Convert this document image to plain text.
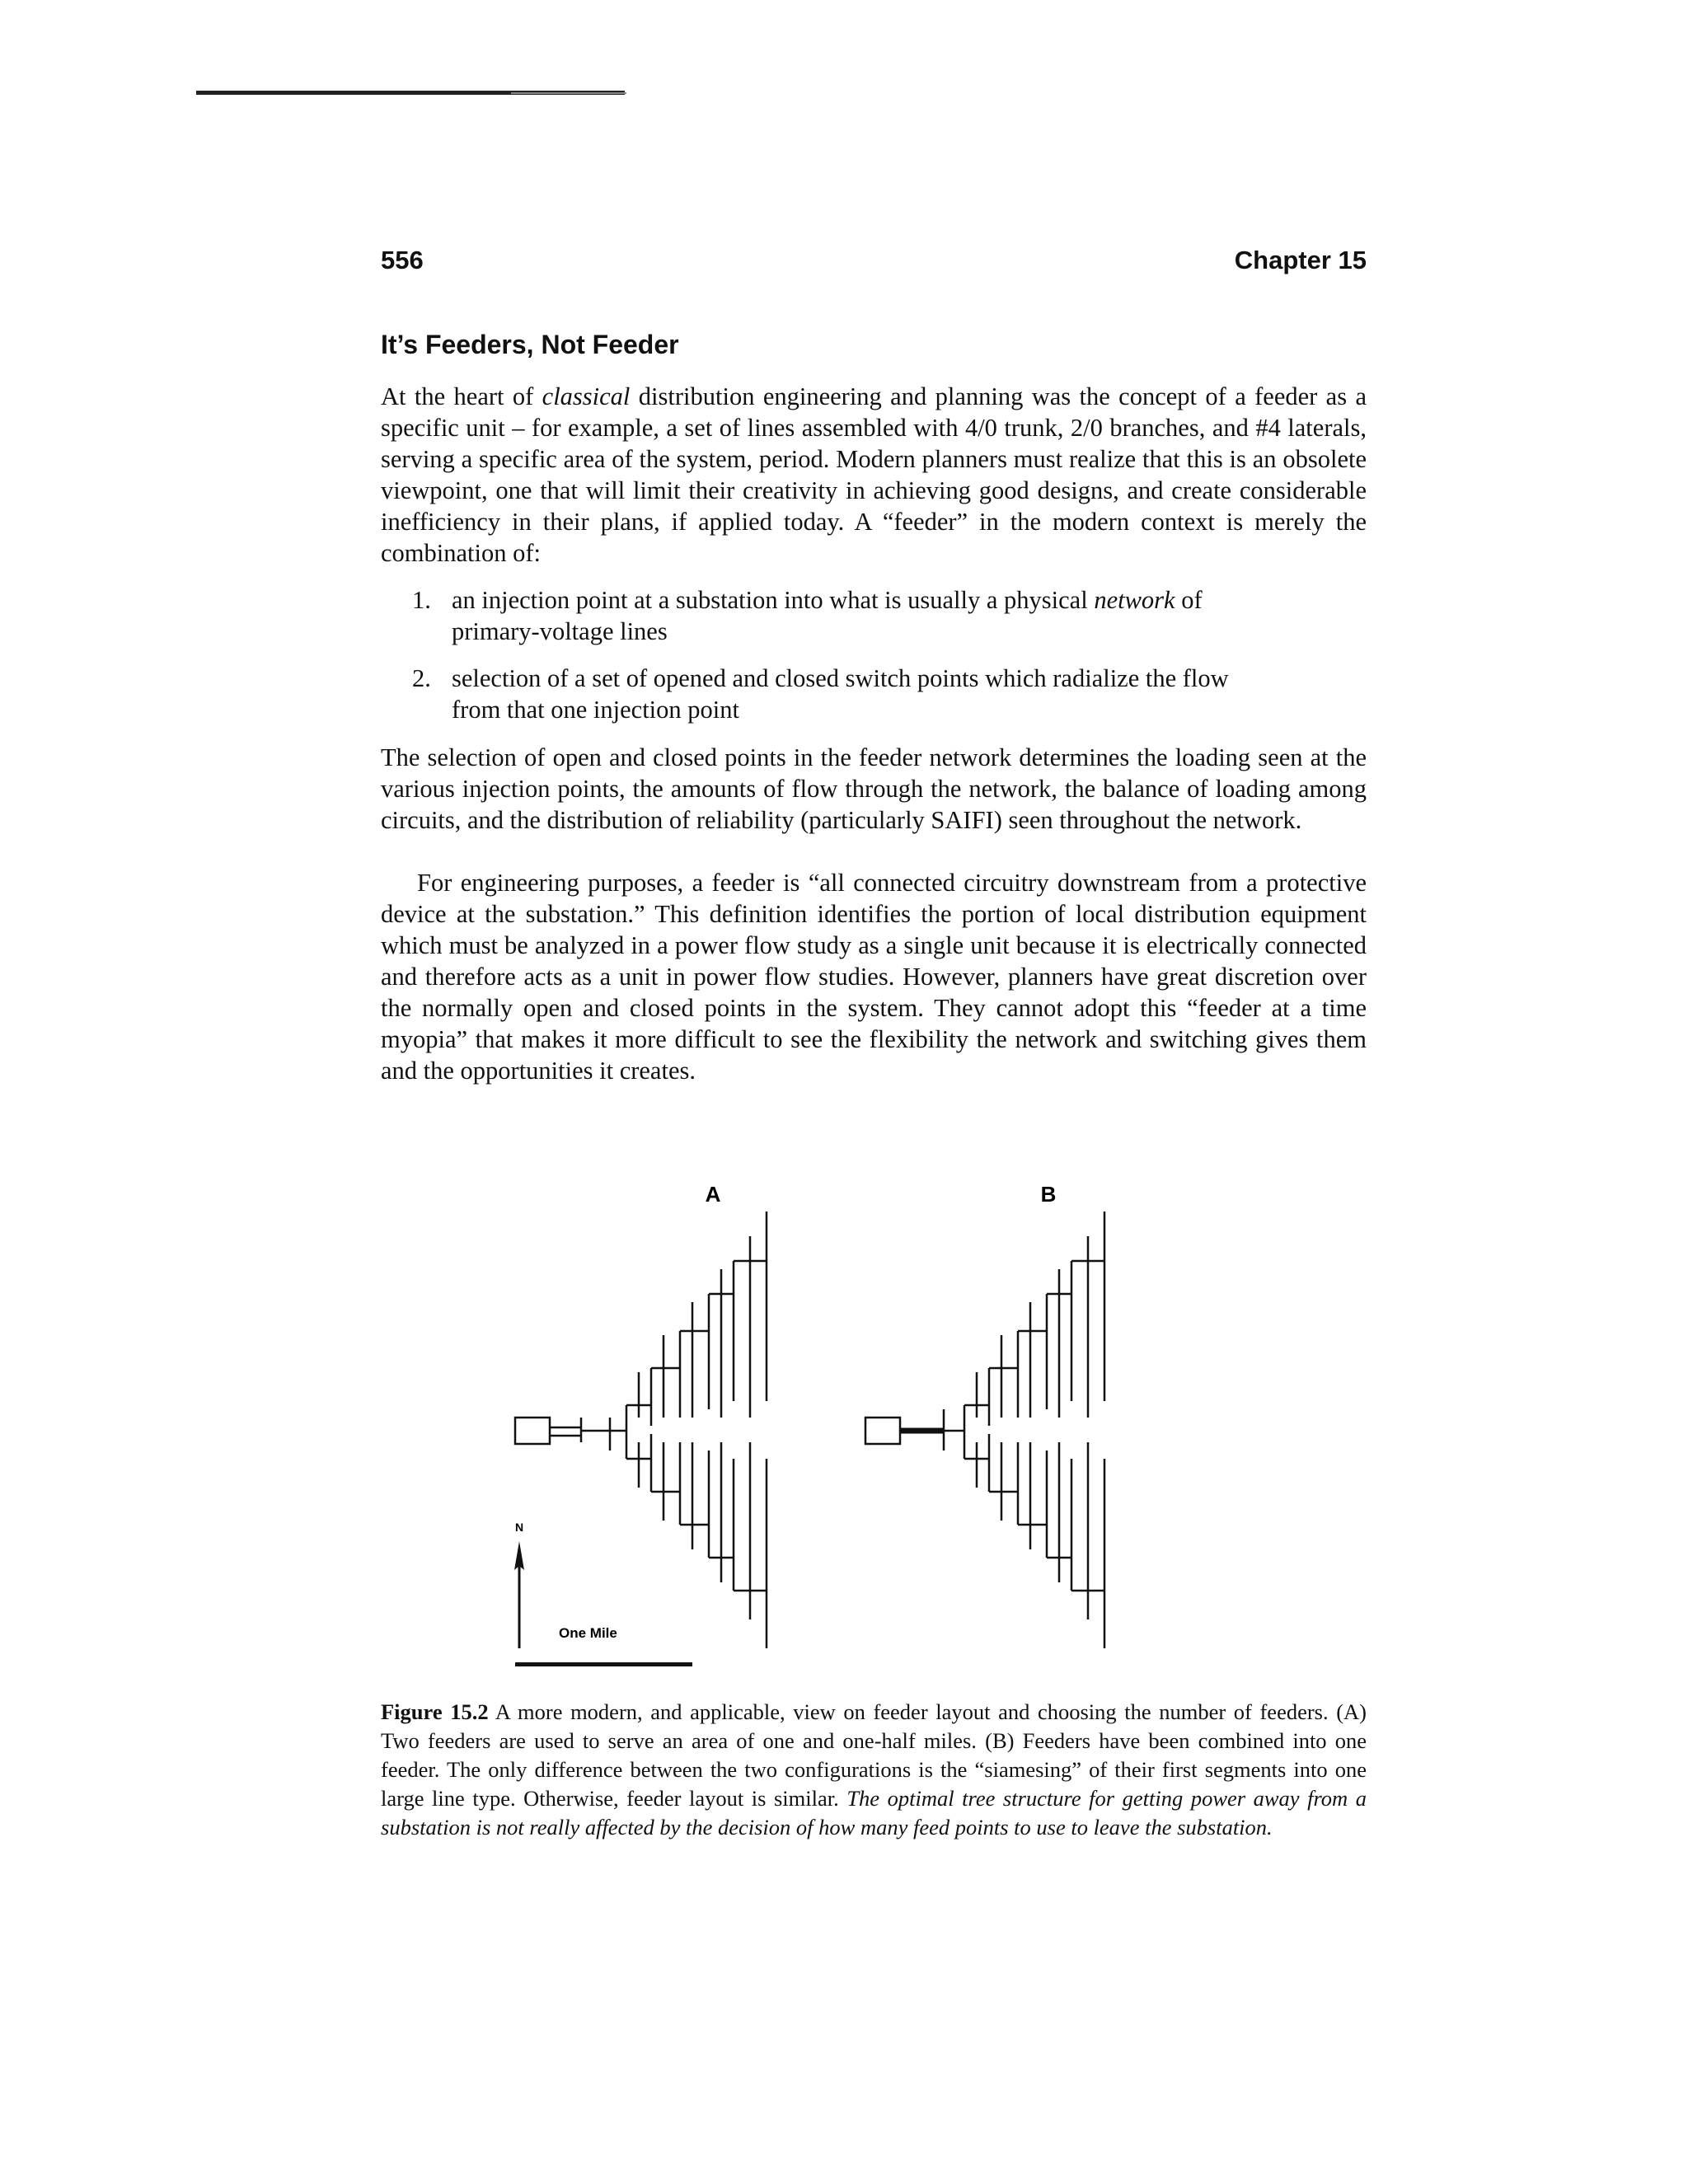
556	Chapter 15
It’s Feeders, Not Feeder
At the heart of classical distribution engineering and planning was the concept of a feeder as a specific unit – for example, a set of lines assembled with 4/0 trunk, 2/0 branches, and #4 laterals, serving a specific area of the system, period. Modern planners must realize that this is an obsolete viewpoint, one that will limit their creativity in achieving good designs, and create considerable inefficiency in their plans, if applied today. A “feeder” in the modern context is merely the combination of:
1. an injection point at a substation into what is usually a physical network of
primary-voltage lines
2. selection of a set of opened and closed switch points which radialize the flow
from that one injection point
The selection of open and closed points in the feeder network determines the loading seen at the various injection points, the amounts of flow through the network, the balance of loading among circuits, and the distribution of reliability (particularly SAIFI) seen throughout the network.
For engineering purposes, a feeder is “all connected circuitry downstream from a protective device at the substation.” This definition identifies the portion of local distribution equipment which must be analyzed in a power flow study as a single unit because it is electrically connected and therefore acts as a unit in power flow studies. However, planners have great discretion over the normally open and closed points in the system. They cannot adopt this “feeder at a time myopia” that makes it more difficult to see the flexibility the network and switching gives them and the opportunities it creates.
A	B
N
One Mile
Figure 15.2 A more modern, and applicable, view on feeder layout and choosing the number of feeders. (A) Two feeders are used to serve an area of one and one-half miles. (B) Feeders have been combined into one feeder. The only difference between the two configurations is the “siamesing” of their first segments into one large line type. Otherwise, feeder layout is similar. The optimal tree structure for getting power away from a substation is not really affected by the decision of how many feed points to use to leave the substation.
